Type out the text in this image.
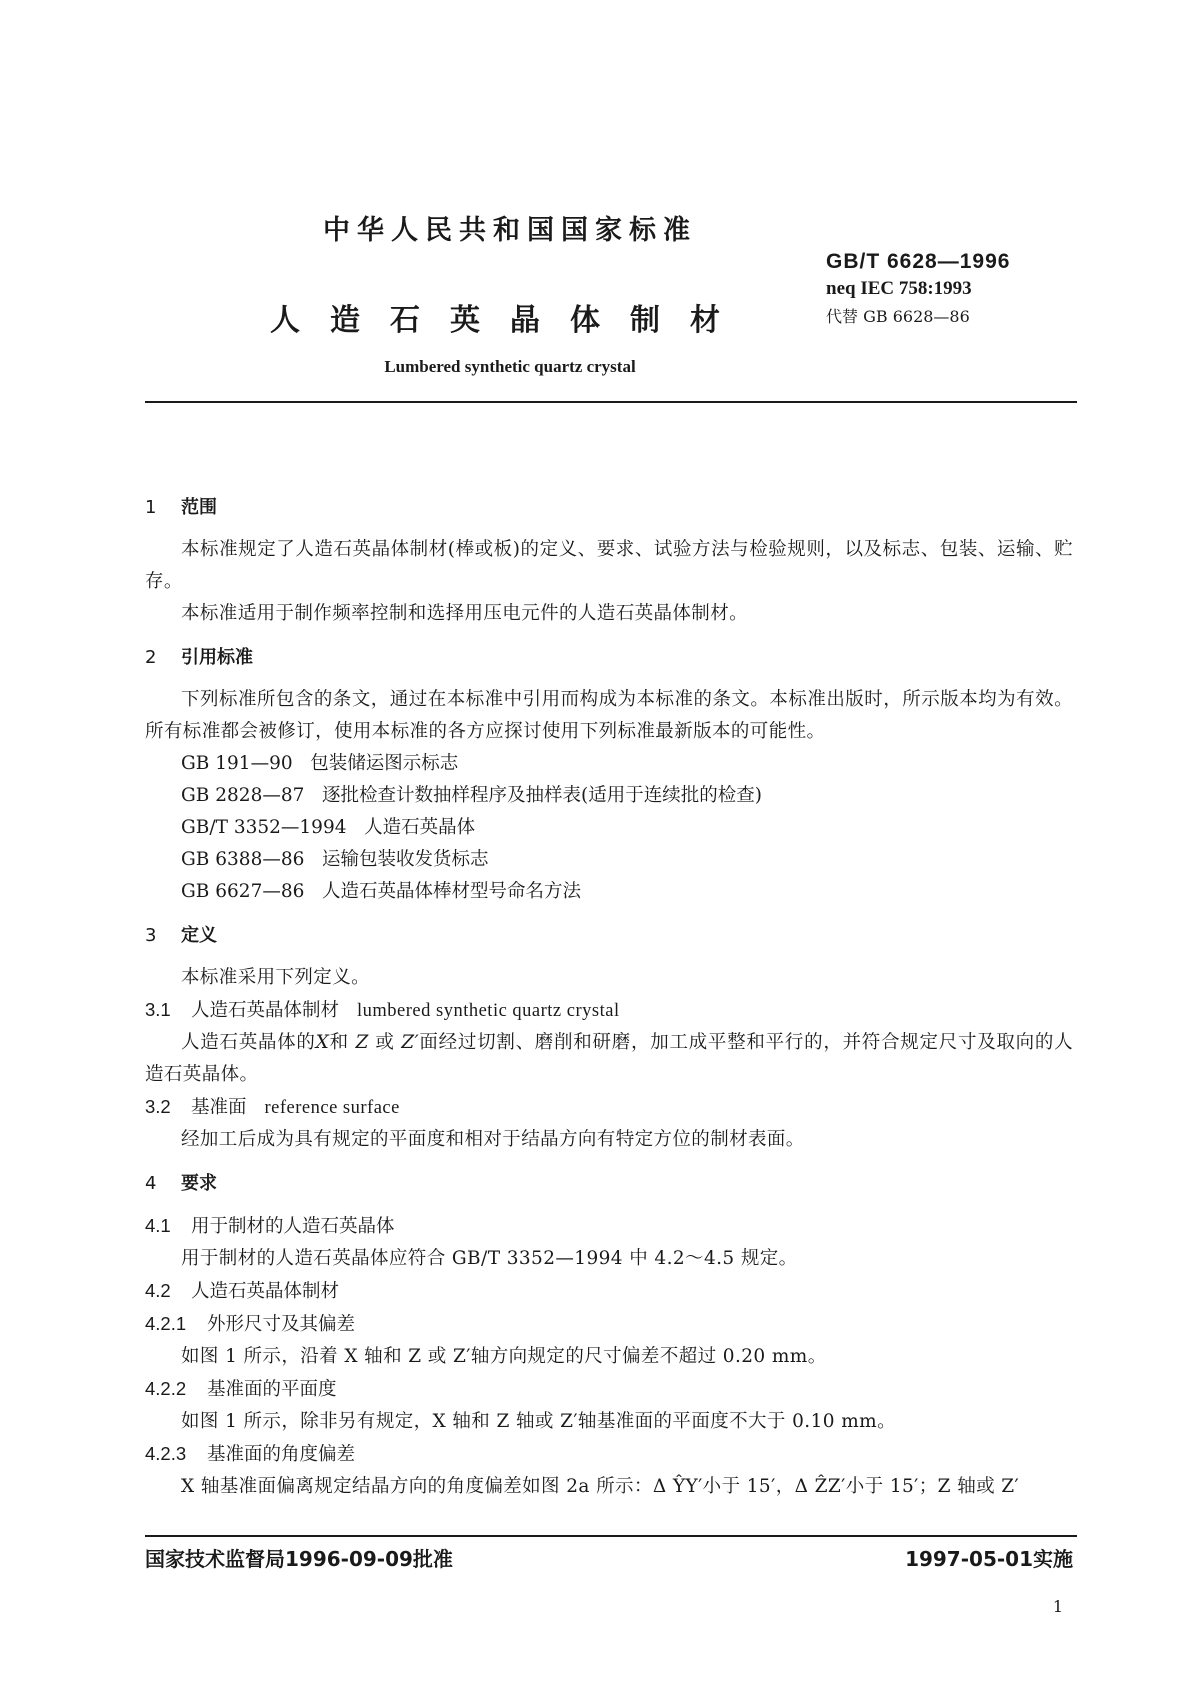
中华人民共和国国家标准
GB/T 6628—1996
neq IEC 758:1993
代替 GB 6628—86
人造石英晶体制材
Lumbered synthetic quartz crystal
1 范围
本标准规定了人造石英晶体制材(棒或板)的定义、要求、试验方法与检验规则，以及标志、包装、运输、贮存。
本标准适用于制作频率控制和选择用压电元件的人造石英晶体制材。
2 引用标准
下列标准所包含的条文，通过在本标准中引用而构成为本标准的条文。本标准出版时，所示版本均为有效。所有标准都会被修订，使用本标准的各方应探讨使用下列标准最新版本的可能性。
GB 191—90 包装储运图示标志
GB 2828—87 逐批检查计数抽样程序及抽样表(适用于连续批的检查)
GB/T 3352—1994 人造石英晶体
GB 6388—86 运输包装收发货标志
GB 6627—86 人造石英晶体棒材型号命名方法
3 定义
本标准采用下列定义。
3.1 人造石英晶体制材 lumbered synthetic quartz crystal
人造石英晶体的X和 Z 或 Z′面经过切割、磨削和研磨，加工成平整和平行的，并符合规定尺寸及取向的人造石英晶体。
3.2 基准面 reference surface
经加工后成为具有规定的平面度和相对于结晶方向有特定方位的制材表面。
4 要求
4.1 用于制材的人造石英晶体
用于制材的人造石英晶体应符合 GB/T 3352—1994 中 4.2～4.5 规定。
4.2 人造石英晶体制材
4.2.1 外形尺寸及其偏差
如图 1 所示，沿着 X 轴和 Z 或 Z′轴方向规定的尺寸偏差不超过 0.20 mm。
4.2.2 基准面的平面度
如图 1 所示，除非另有规定，X 轴和 Z 轴或 Z′轴基准面的平面度不大于 0.10 mm。
4.2.3 基准面的角度偏差
X 轴基准面偏离规定结晶方向的角度偏差如图 2a 所示：Δ ŶY′小于 15′，Δ ẐZ′小于 15′；Z 轴或 Z′
国家技术监督局1996-09-09批准	1997-05-01实施
1
